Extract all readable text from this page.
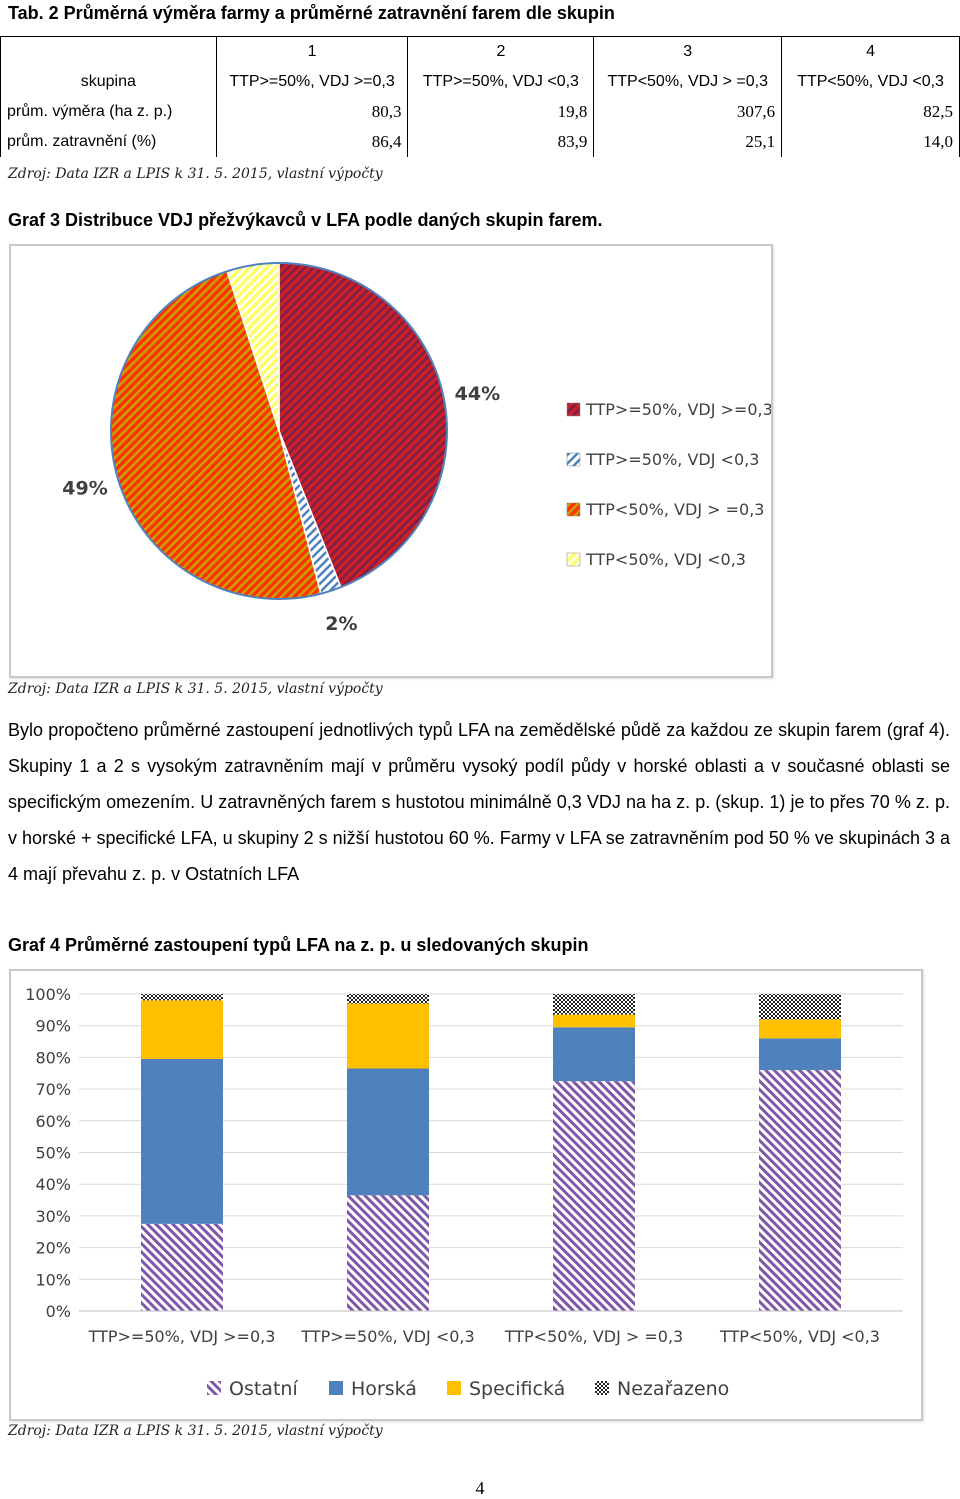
Tab. 2 Průměrná výměra farmy a průměrné zatravnění farem dle skupin
	1	2	3	4
skupina	TTP>=50%, VDJ >=0,3	TTP>=50%, VDJ <0,3	TTP<50%, VDJ > =0,3	TTP<50%, VDJ <0,3
prům. výměra (ha z. p.)	80,3	19,8	307,6	82,5
prům. zatravnění (%)	86,4	83,9	25,1	14,0
Zdroj: Data IZR a LPIS k 31. 5. 2015, vlastní výpočty
Graf 3 Distribuce VDJ přežvýkavců v LFA podle daných skupin farem.
44%
2%
49%
TTP>=50%, VDJ >=0,3
TTP>=50%, VDJ <0,3
TTP<50%, VDJ > =0,3
TTP<50%, VDJ <0,3
Zdroj: Data IZR a LPIS k 31. 5. 2015, vlastní výpočty
Bylo propočteno průměrné zastoupení jednotlivých typů LFA na zemědělské půdě za každou ze skupin farem (graf 4). Skupiny 1 a 2 s vysokým zatravněním mají v průměru vysoký podíl půdy v horské oblasti a v současné oblasti se specifickým omezením. U zatravněných farem s hustotou minimálně 0,3 VDJ na ha z. p. (skup. 1) je to přes 70 % z. p. v horské + specifické LFA, u skupiny 2 s nižší hustotou 60 %. Farmy v LFA se zatravněním pod 50 % ve skupinách 3 a 4 mají převahu z. p. v Ostatních LFA
Graf 4 Průměrné zastoupení typů LFA na z. p. u sledovaných skupin
0%
10%
20%
30%
40%
50%
60%
70%
80%
90%
100%
TTP>=50%, VDJ >=0,3 TTP>=50%, VDJ <0,3 TTP<50%, VDJ > =0,3 TTP<50%, VDJ <0,3
Ostatní	Horská	Specifická	Nezařazeno
Zdroj: Data IZR a LPIS k 31. 5. 2015, vlastní výpočty
4
